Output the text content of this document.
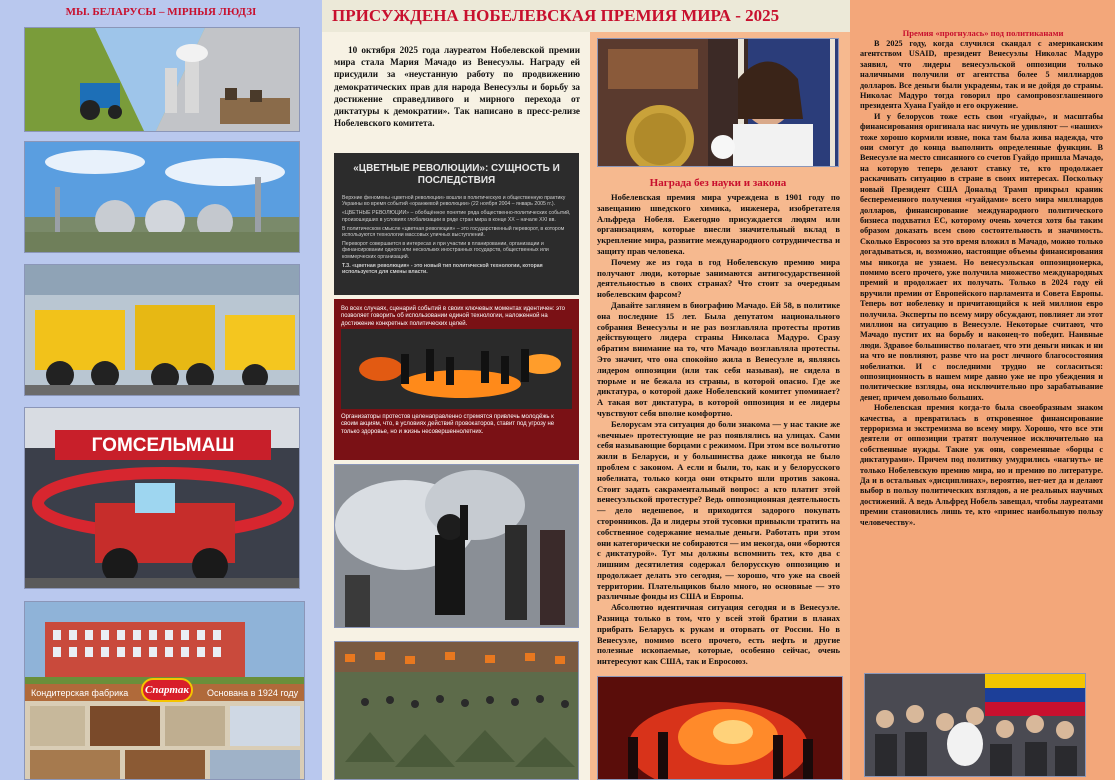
МЫ. БЕЛАРУСЫ – МІРНЫЯ ЛЮДЗІ
ГОМСЕЛЬМАШ
Кондитерская фабрика	Спартак	Основана в 1924 году
ПРИСУЖДЕНА НОБЕЛЕВСКАЯ ПРЕМИЯ МИРА - 2025

10 октября 2025 года лауреатом Нобелевской премии мира стала Мария Мачадо из Венесуэлы. Награду ей присудили за «неустанную работу по продвижению демократических прав для народа Венесуэлы и борьбу за достижение справедливого и мирного перехода от диктатуры к демократии». Так написано в пресс-релизе Нобелевского комитета.

«ЦВЕТНЫЕ РЕВОЛЮЦИИ»: СУЩНОСТЬ И ПОСЛЕДСТВИЯ
Верхние феномены «цветной революции» вошли в политическую и общественную практику Украины во время событий «оранжевой революции» (22 ноября 2004 – январь 2005 гг.).
«ЦВЕТНЫЕ РЕВОЛЮЦИИ» – обобщённое понятие ряда общественно-политических событий, произошедших в условиях глобализации в ряде стран мира в конце XX – начале XXI вв.
В политическом смысле «цветная революция» – это государственный переворот, в котором используются технологии массовых уличных выступлений.
Переворот совершается в интересах и при участии в планировании, организации и финансировании одного или нескольких иностранных государств, общественных или коммерческих организаций.
Т.З. «цветная революция» - это новый тип политической технологии, которая используется для смены власти.
Во всех случаях, сценарий событий в своих ключевых моментах идентичен: это позволяет говорить об использовании единой технологии, наложенной на достижение конкретных политических целей.
Организаторы протестов целенаправленно стремятся привлечь молодёжь к своим акциям, что, в условиях действий провокаторов, ставит под угрозу не только здоровье, но и жизнь несовершеннолетних.
Награда без науки и закона

Нобелевская премия мира учреждена в 1901 году по завещанию шведского химика, инженера, изобретателя Альфреда Нобеля. Ежегодно присуждается людям или организациям, которые внесли значительный вклад в укрепление мира, развитие международного сотрудничества и защиту прав человека.

Почему же из года в год Нобелевскую премию мира получают люди, которые занимаются антигосударственной деятельностью в своих странах? Что стоит за очередным нобелевским фарсом?

Давайте заглянем в биографию Мачадо. Ей 58, в политике она последние 15 лет. Была депутатом национального собрания Венесуэлы и не раз возглавляла протесты против действующего лидера страны Николаса Мадуро. Сразу обратим внимание на то, что Мачадо возглавляла протесты. Это значит, что она спокойно жила в Венесуэле и, являясь лидером оппозиции (или так себя называя), не сидела в тюрьме и не бежала из страны, в которой опасно. Где же диктатура, о которой даже Нобелевский комитет упоминает? А такая вот диктатура, в которой оппозиция и ее лидеры чувствуют себя вполне комфортно.

Белорусам эта ситуация до боли знакома — у нас такие же «вечные» протестующие не раз появлялись на улицах. Сами себя называющие борцами с режимом. При этом все вольготно жили в Беларуси, и у большинства даже никогда не было проблем с законом. А если и были, то, как и у белорусского нобелиата, только когда они открыто шли против закона. Стоит задать сакраментальный вопрос: а кто платит этой венесуэльской протестуре? Ведь оппозиционная деятельность — дело недешевое, и приходится задорого покупать сторонников. Да и лидеры этой тусовки привыкли тратить на собственное содержание немалые деньги. Работать при этом они категорически не собираются — им некогда, они «борются с диктатурой». Тут мы должны вспомнить тех, кто два с лишним десятилетия содержал белорусскую оппозицию и продолжает делать это сегодня, — хорошо, что уже на своей территории. Плательщиков было много, но основные — это различные фонды из США и Европы.

Абсолютно идентичная ситуация сегодня и в Венесуэле. Разница только в том, что у всей этой братии в планах прибрать Беларусь к рукам и оторвать от России. Но в Венесуэле, помимо всего прочего, есть нефть и другие полезные ископаемые, которые, особенно сейчас, очень интересуют как США, так и Евросоюз.

Премия «прогнулась» под политиканами

В 2025 году, когда случился скандал с американским агентством USAID, президент Венесуэлы Николас Мадуро заявил, что лидеры венесуэльской оппозиции только наличными получили от агентства более 5 миллиардов долларов. Все деньги были украдены, так и не дойдя до страны. Николас Мадуро тогда говорил про самопровозглашенного президента Хуана Гуайдо и его окружение.

И у белорусов тоже есть свои «гуайды», и масштабы финансирования оригинала нас ничуть не удивляют — «наших» тоже хорошо кормили извне, пока там была жива надежда, что они смогут до конца выполнить определенные функции. В Венесуэле на место списанного со счетов Гуайдо пришла Мачадо, на которую теперь делают ставку те, кто продолжает раскачивать ситуацию в стране в своих интересах. Поскольку новый Президент США Дональд Трамп прикрыл краник беспеременного получения «гуайдами» всего мира миллиардов долларов, финансирование международного политического бизнеса подхватил ЕС, которому очень хочется хотя бы таким образом доказать всем свою состоятельность и значимость. Сколько Евросоюз за это время вложил в Мачадо, можно только догадываться, и, возможно, настоящие объемы финансирования мы никогда не узнаем. Но венесуэльская оппозиционерка, помимо всего прочего, уже получила множество международных премий и продолжает их получать. Только в 2024 году ей вручили премии от Европейского парламента и Совета Европы. Теперь вот нобелевку и причитающийся к ней миллион евро получила. Эксперты по всему миру обсуждают, повлияет ли этот миллион на ситуацию в Венесуэле. Некоторые считают, что Мачадо пустит их на борьбу и наконец-то победит. Наивные люди. Здравое большинство полагает, что эти деньги никак и ни на что не повлияют, разве что на рост личного благосостояния нобелиатки. И с последними трудно не согласиться: оппозиционность в нашем мире давно уже не про убеждения и политические взгляды, она исключительно про зарабатывание денег, причем довольно больших.

Нобелевская премия когда-то была своеобразным знаком качества, а превратилась в откровенное финансирование терроризма и экстремизма во всему миру. Хорошо, что все эти деятели от оппозиции тратят полученное исключительно на собственные нужды. Такие уж они, современные «борцы с диктатурами». Причем под политику умудрились «нагнуть» не только Нобелевскую премию мира, но и премию по литературе. Да и в остальных «дисциплинах», вероятно, нет-нет да и делают выбор в пользу политических взглядов, а не реальных научных достижений. А ведь Альфред Нобель завещал, чтобы лауреатами премии становились лишь те, кто «принес наибольшую пользу человечеству».
